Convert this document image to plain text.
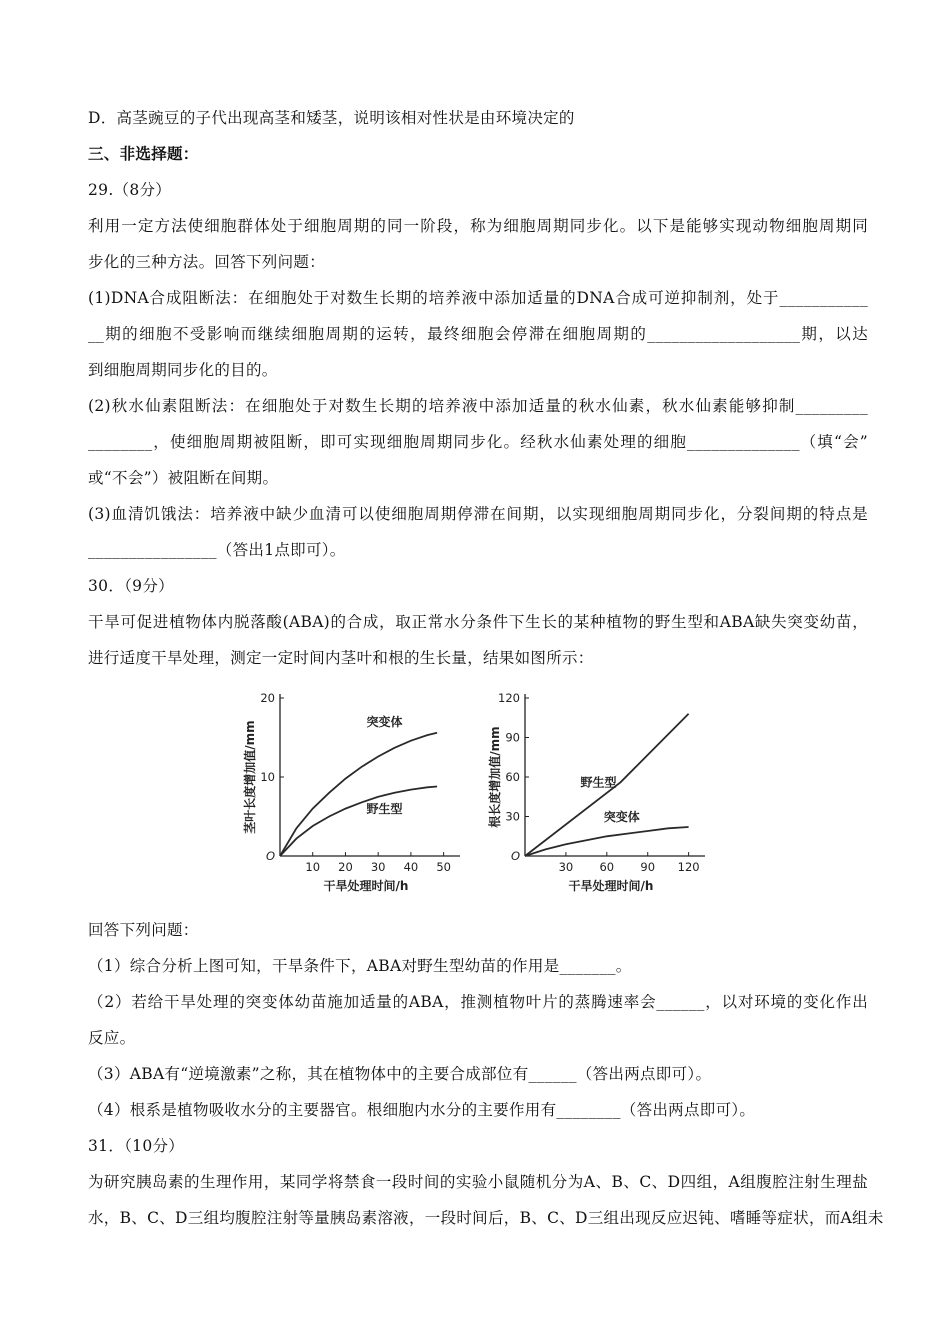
D．高茎豌豆的子代出现高茎和矮茎，说明该相对性状是由环境决定的
三、非选择题：
29.（8分）
利用一定方法使细胞群体处于细胞周期的同一阶段，称为细胞周期同步化。以下是能够实现动物细胞周期同
步化的三种方法。回答下列问题：
(1)DNA合成阻断法：在细胞处于对数生长期的培养液中添加适量的DNA合成可逆抑制剂，处于___________
__期的细胞不受影响而继续细胞周期的运转，最终细胞会停滞在细胞周期的___________________期，以达
到细胞周期同步化的目的。
(2)秋水仙素阻断法：在细胞处于对数生长期的培养液中添加适量的秋水仙素，秋水仙素能够抑制_________
________，使细胞周期被阻断，即可实现细胞周期同步化。经秋水仙素处理的细胞______________（填“会”
或“不会”）被阻断在间期。
(3)血清饥饿法：培养液中缺少血清可以使细胞周期停滞在间期，以实现细胞周期同步化，分裂间期的特点是
________________（答出1点即可）。
30．（9分）
干旱可促进植物体内脱落酸(ABA)的合成，取正常水分条件下生长的某种植物的野生型和ABA缺失突变幼苗，
进行适度干旱处理，测定一定时间内茎叶和根的生长量，结果如图所示：
10 20 30 40 50
10
20
O
干旱处理时间/h
茎叶长度增加值/mm	突变体
野生型
30 60 90 120
30
60
90
120
O
干旱处理时间/h
根长度增加值/mm	野生型
突变体
回答下列问题：
（1）综合分析上图可知，干旱条件下，ABA对野生型幼苗的作用是_______。
（2）若给干旱处理的突变体幼苗施加适量的ABA，推测植物叶片的蒸腾速率会______，以对环境的变化作出
反应。
（3）ABA有“逆境激素”之称，其在植物体中的主要合成部位有______（答出两点即可）。
（4）根系是植物吸收水分的主要器官。根细胞内水分的主要作用有________（答出两点即可）。
31．（10分）
为研究胰岛素的生理作用，某同学将禁食一段时间的实验小鼠随机分为A、B、C、D四组，A组腹腔注射生理盐
水，B、C、D三组均腹腔注射等量胰岛素溶液，一段时间后，B、C、D三组出现反应迟钝、嗜睡等症状，而A组未
